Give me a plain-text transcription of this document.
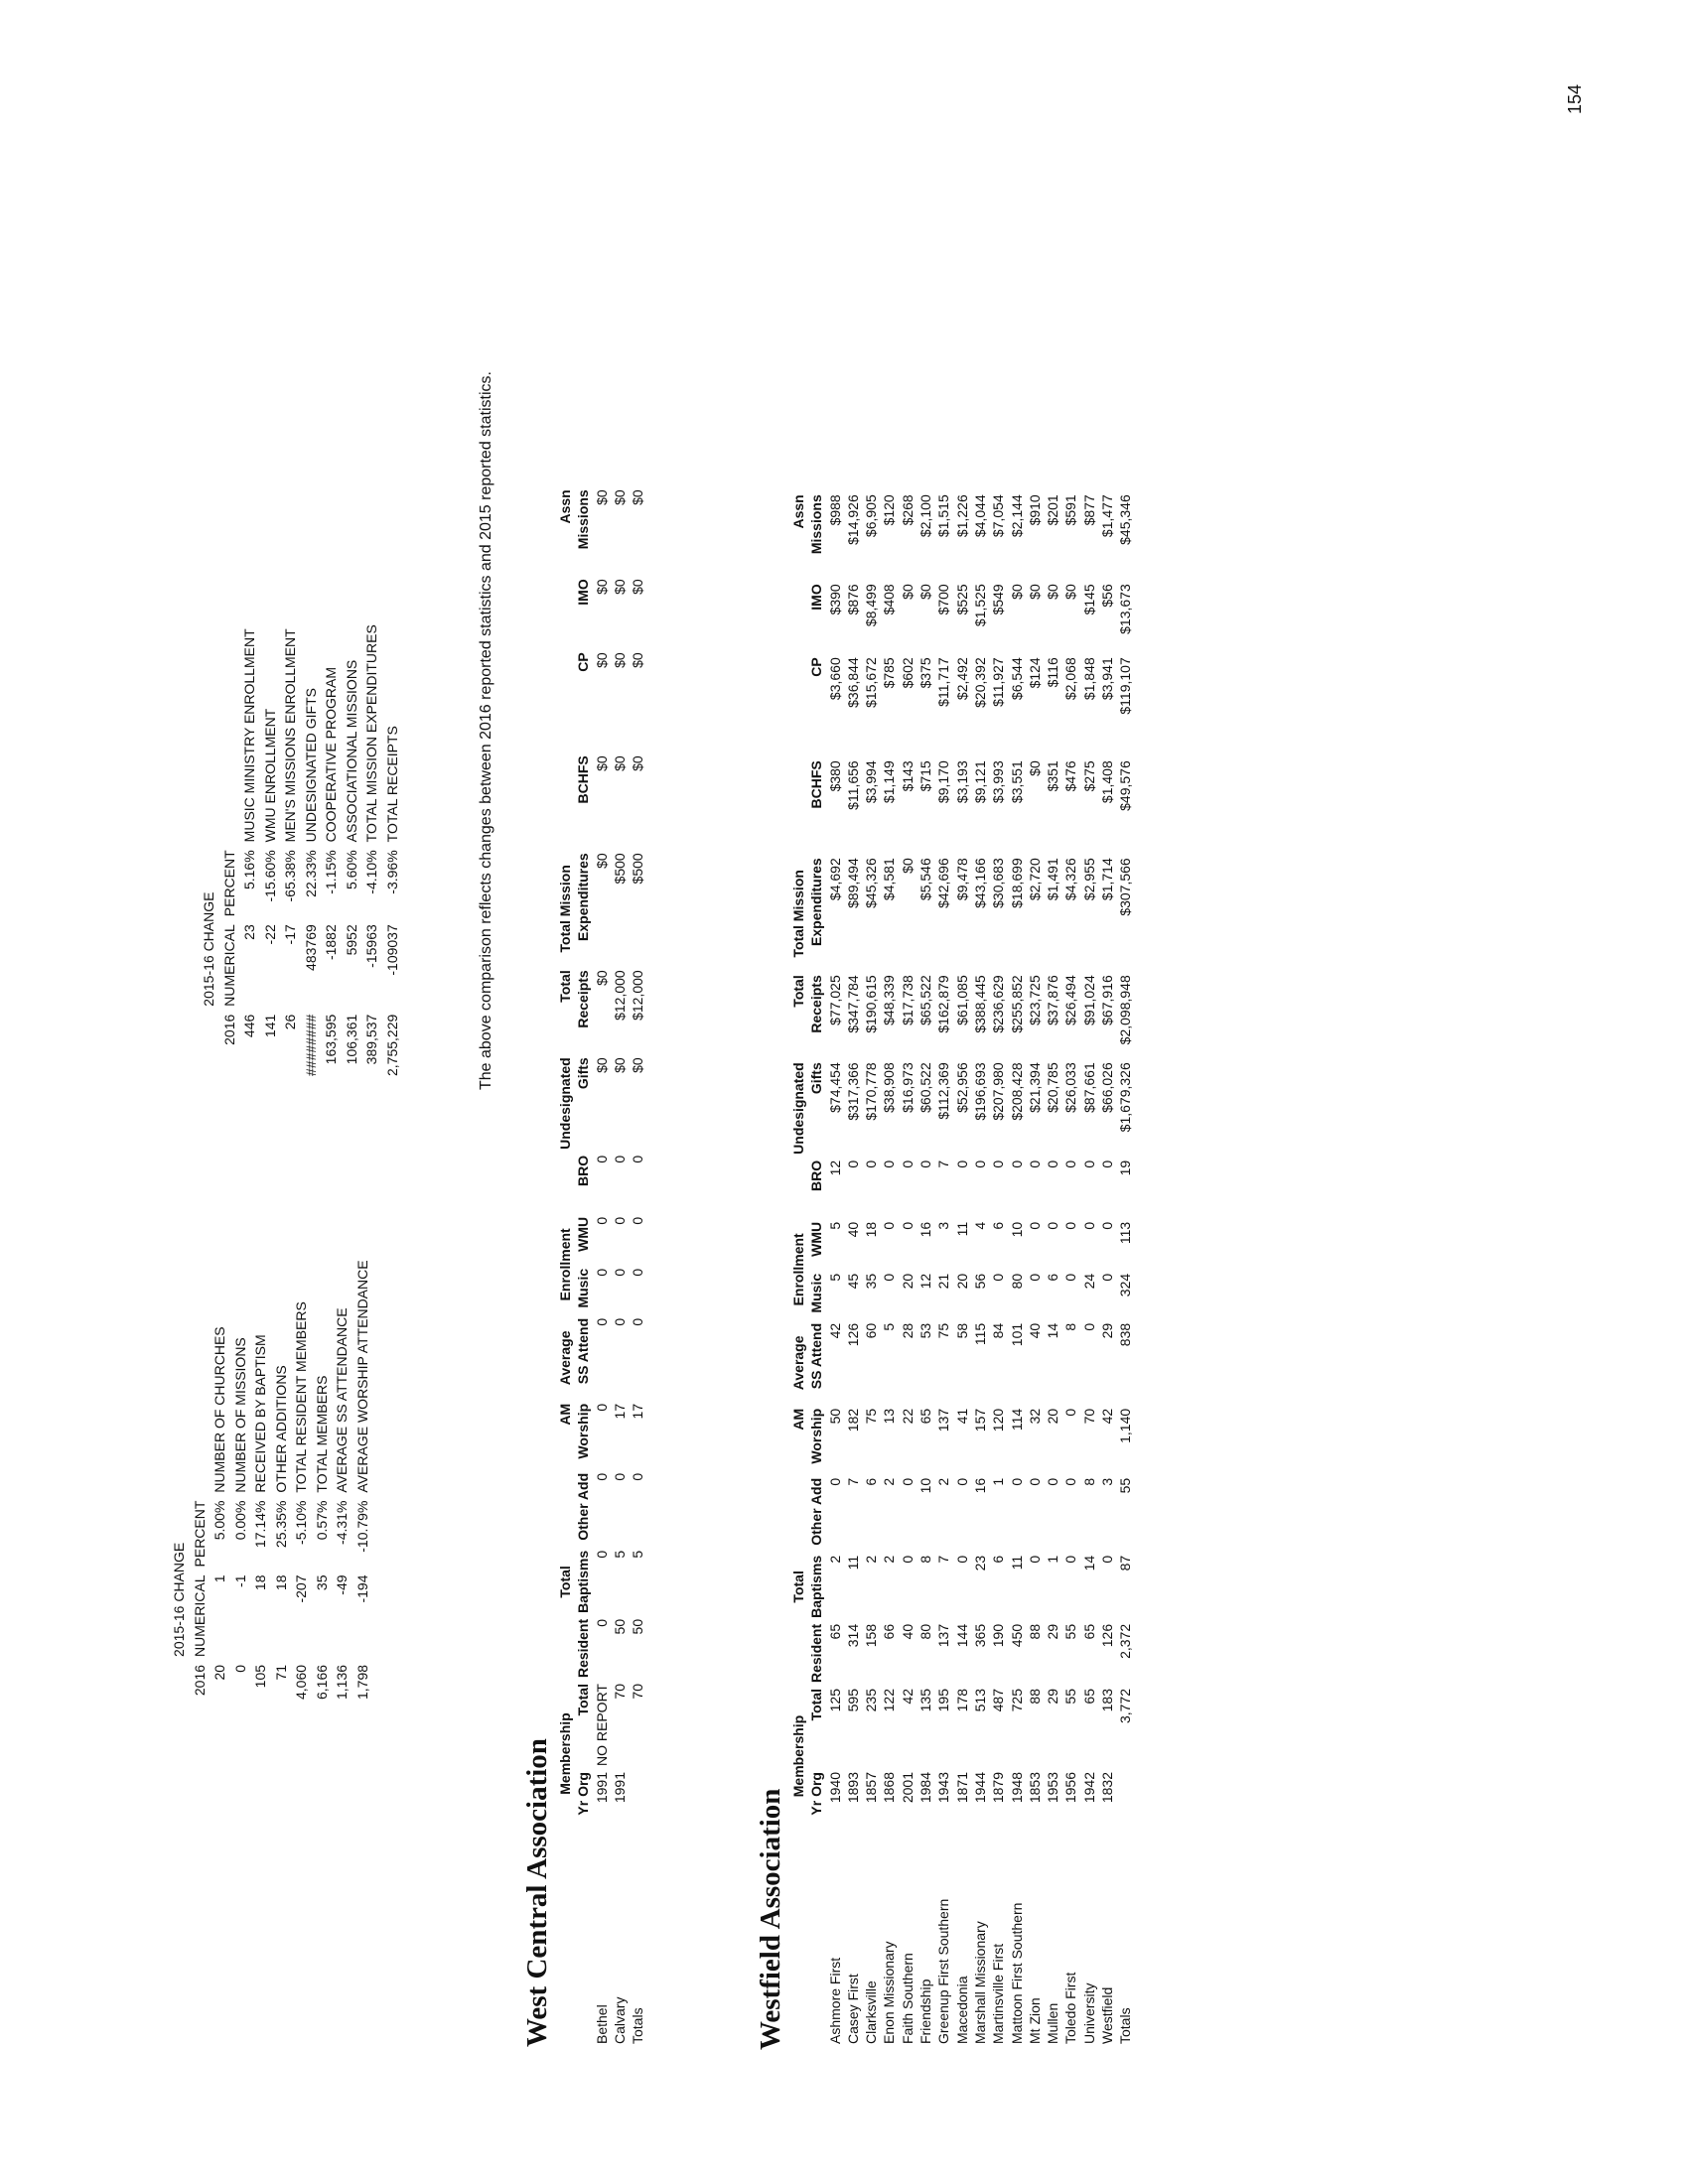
154
	2015-16 CHANGE		
2016	NUMERICAL	PERCENT	
20	1	5.00%	NUMBER OF CHURCHES
0	-1	0.00%	NUMBER OF MISSIONS
105	18	17.14%	RECEIVED BY BAPTISM
71	18	25.35%	OTHER ADDITIONS
4,060	-207	-5.10%	TOTAL RESIDENT MEMBERS
6,166	35	0.57%	TOTAL MEMBERS
1,136	-49	-4.31%	AVERAGE SS ATTENDANCE
1,798	-194	-10.79%	AVERAGE WORSHIP ATTENDANCE
	2015-16 CHANGE		
2016	NUMERICAL	PERCENT	
446	23	5.16%	MUSIC MINISTRY ENROLLMENT
141	-22	-15.60%	WMU ENROLLMENT
26	-17	-65.38%	MEN'S MISSIONS ENROLLMENT
########	483769	22.33%	UNDESIGNATED GIFTS
163,595	-1882	-1.15%	COOPERATIVE PROGRAM
106,361	5952	5.60%	ASSOCIATIONAL MISSIONS
389,537	-15963	-4.10%	TOTAL MISSION EXPENDITURES
2,755,229	-109037	-3.96%	TOTAL RECEIPTS	The above comparison reflects changes between 2016 reported statistics and 2015 reported statistics.
West Central Association
	Membership			Total		AM	Average	Enrollment			Undesignated	Total	Total Mission				Assn
	Yr Org	Total	Resident	Baptisms	Other Add	Worship	SS Attend	Music	WMU	BRO	Gifts	Receipts	Expenditures	BCHFS	CP	IMO	Missions
Bethel	1991	NO REPORT	0	0	0	0	0	0	0	0	$0	$0	$0	$0	$0	$0	$0
Calvary	1991	70	50	5	0	17	0	0	0	0	$0	$12,000	$500	$0	$0	$0	$0
Totals		70	50	5	0	17	0	0	0	0	$0	$12,000	$500	$0	$0	$0	$0
Westfield Association
	Membership			Total		AM	Average	Enrollment			Undesignated	Total	Total Mission				Assn
	Yr Org	Total	Resident	Baptisms	Other Add	Worship	SS Attend	Music	WMU	BRO	Gifts	Receipts	Expenditures	BCHFS	CP	IMO	Missions
Ashmore First	1940	125	65	2	0	50	42	5	5	12	$74,454	$77,025	$4,692	$380	$3,660	$390	$988
Casey First	1893	595	314	11	7	182	126	45	40	0	$317,366	$347,784	$89,494	$11,656	$36,844	$876	$14,926
Clarksville	1857	235	158	2	6	75	60	35	18	0	$170,778	$190,615	$45,326	$3,994	$15,672	$8,499	$6,905
Enon Missionary	1868	122	66	2	2	13	5	0	0	0	$38,908	$48,339	$4,581	$1,149	$785	$408	$120
Faith Southern	2001	42	40	0	0	22	28	20	0	0	$16,973	$17,738	$0	$143	$602	$0	$268
Friendship	1984	135	80	8	10	65	53	12	16	0	$60,522	$65,522	$5,546	$715	$375	$0	$2,100
Greenup First Southern	1943	195	137	7	2	137	75	21	3	7	$112,369	$162,879	$42,696	$9,170	$11,717	$700	$1,515
Macedonia	1871	178	144	0	0	41	58	20	11	0	$52,956	$61,085	$9,478	$3,193	$2,492	$525	$1,226
Marshall Missionary	1944	513	365	23	16	157	115	56	4	0	$196,693	$388,445	$43,166	$9,121	$20,392	$1,525	$4,044
Martinsville First	1879	487	190	6	1	120	84	0	6	0	$207,980	$236,629	$30,683	$3,993	$11,927	$549	$7,054
Mattoon First Southern	1948	725	450	11	0	114	101	80	10	0	$208,428	$255,852	$18,699	$3,551	$6,544	$0	$2,144
Mt Zion	1853	88	88	0	0	32	40	0	0	0	$21,394	$23,725	$2,720	$0	$124	$0	$910
Mullen	1953	29	29	1	0	20	14	6	0	0	$20,785	$37,876	$1,491	$351	$116	$0	$201
Toledo First	1956	55	55	0	0	0	8	0	0	0	$26,033	$26,494	$4,326	$476	$2,068	$0	$591
University	1942	65	65	14	8	70	0	24	0	0	$87,661	$91,024	$2,955	$275	$1,848	$145	$877
Westfield	1832	183	126	0	3	42	29	0	0	0	$66,026	$67,916	$1,714	$1,408	$3,941	$56	$1,477
Totals		3,772	2,372	87	55	1,140	838	324	113	19	$1,679,326	$2,098,948	$307,566	$49,576	$119,107	$13,673	$45,346
